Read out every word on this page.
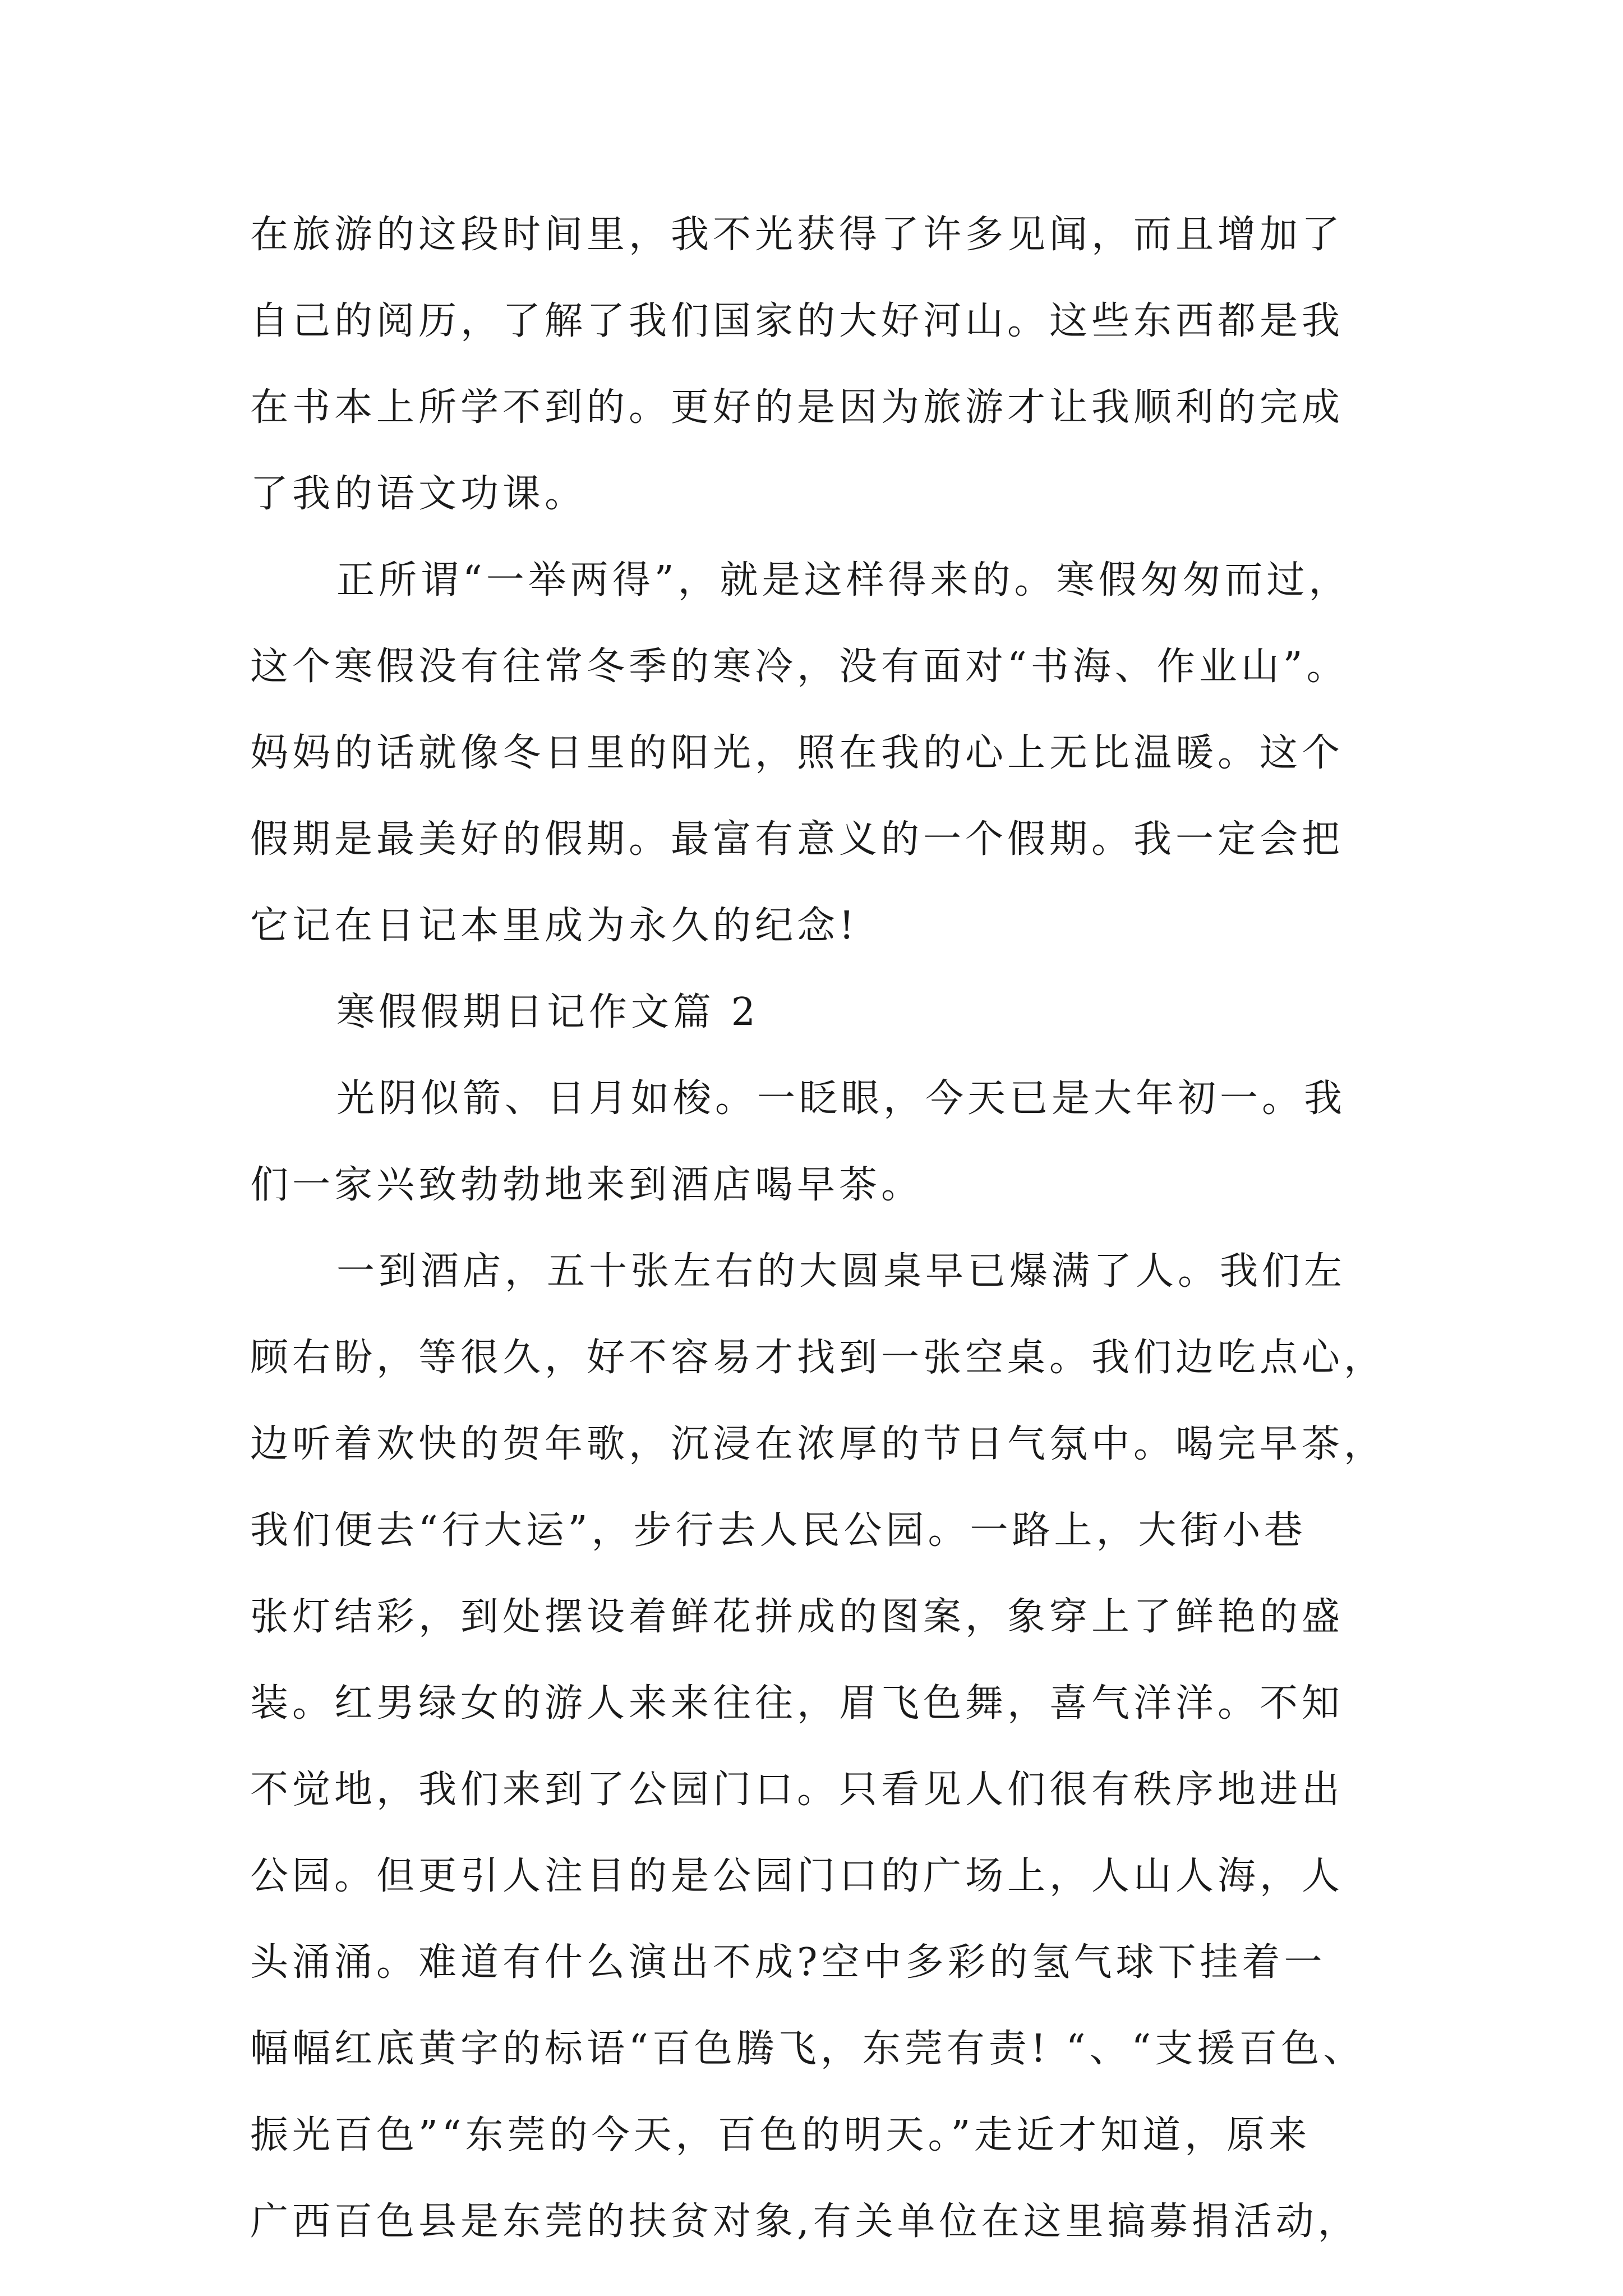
在旅游的这段时间里，我不光获得了许多见闻，而且增加了
自己的阅历，了解了我们国家的大好河山。这些东西都是我
在书本上所学不到的。更好的是因为旅游才让我顺利的完成
了我的语文功课。
正所谓“一举两得”，就是这样得来的。寒假匆匆而过，
这个寒假没有往常冬季的寒冷，没有面对“书海、作业山”。
妈妈的话就像冬日里的阳光，照在我的心上无比温暖。这个
假期是最美好的假期。最富有意义的一个假期。我一定会把
它记在日记本里成为永久的纪念!
寒假假期日记作文篇 2
光阴似箭、日月如梭。一眨眼，今天已是大年初一。我
们一家兴致勃勃地来到酒店喝早茶。
一到酒店，五十张左右的大圆桌早已爆满了人。我们左
顾右盼，等很久，好不容易才找到一张空桌。我们边吃点心，
边听着欢快的贺年歌，沉浸在浓厚的节日气氛中。喝完早茶，
我们便去“行大运”，步行去人民公园。一路上，大街小巷
张灯结彩，到处摆设着鲜花拼成的图案，象穿上了鲜艳的盛
装。红男绿女的游人来来往往，眉飞色舞，喜气洋洋。不知
不觉地，我们来到了公园门口。只看见人们很有秩序地进出
公园。但更引人注目的是公园门口的广场上，人山人海，人
头涌涌。难道有什么演出不成?空中多彩的氢气球下挂着一
幅幅红底黄字的标语“百色腾飞，东莞有责! “、“支援百色、
振光百色”“东莞的今天，百色的明天。”走近才知道，原来
广西百色县是东莞的扶贫对象,有关单位在这里搞募捐活动，
